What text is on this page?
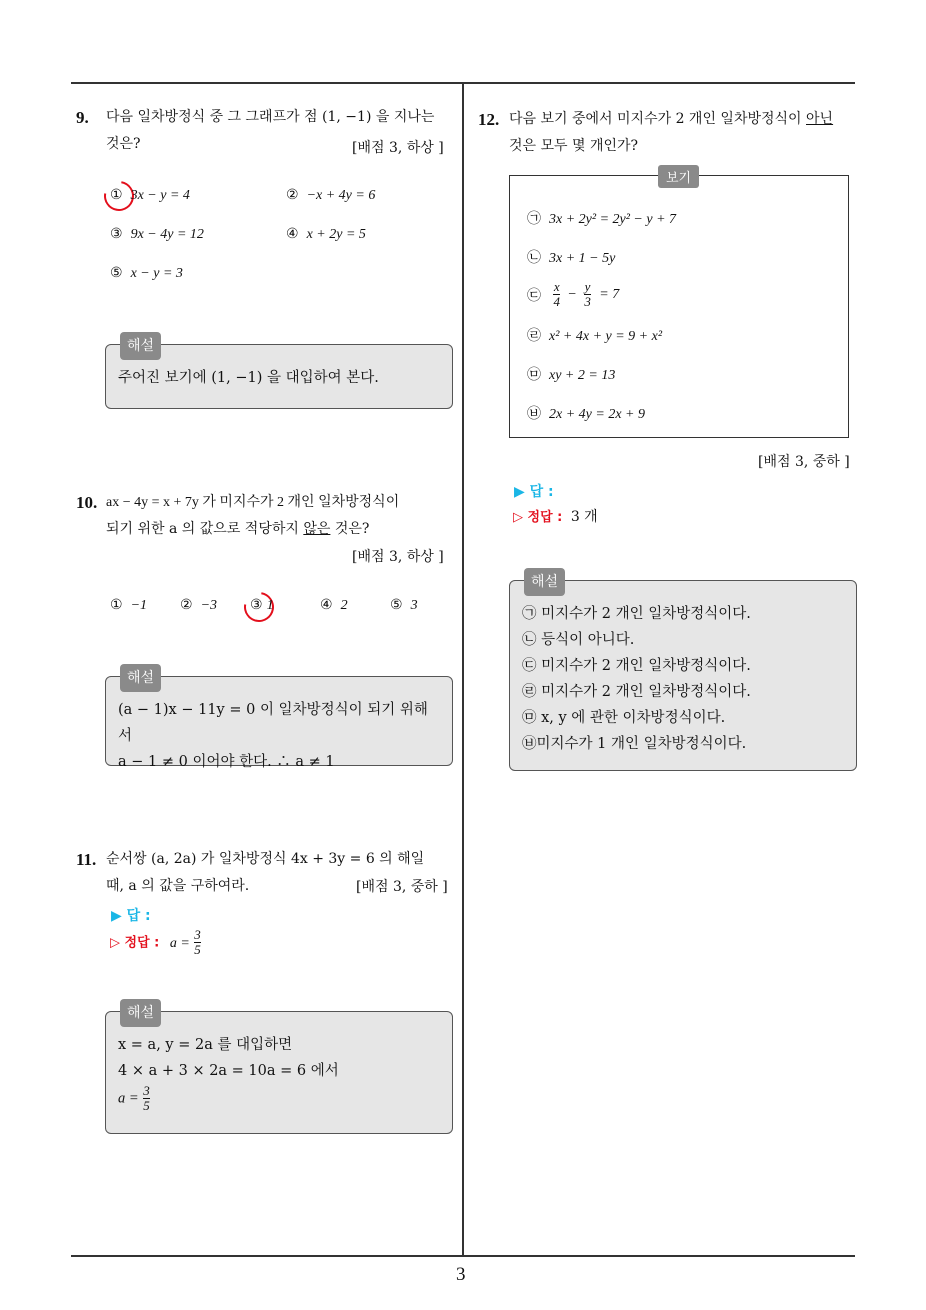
3
9. 다음 일차방정식 중 그 그래프가 점 (1, −1) 을 지나는
것은?	[배점 3, 하상 ]
① 3x − y = 4	② −x + 4y = 6
③ 9x − 4y = 12	④ x + 2y = 5
⑤ x − y = 3
해설
주어진 보기에 (1, −1) 을 대입하여 본다.
10. ax − 4y = x + 7y 가 미지수가 2 개인 일차방정식이
되기 위한 a 의 값으로 적당하지 않은 것은?
[배점 3, 하상 ]
① −1 ② −3 ③ 1	④ 2	⑤ 3
해설
(a − 1)x − 11y = 0 이 일차방정식이 되기 위해서
a − 1 ≠ 0 이어야 한다. ∴ a ≠ 1
11. 순서쌍 (a, 2a) 가 일차방정식 4x + 3y = 6 의 해일
때, a 의 값을 구하여라.	[배점 3, 중하 ]
▶ 답 :
▷ 정답 : $a = \frac{3}{5}$
해설
x = a, y = 2a 를 대입하면
4 × a + 3 × 2a = 10a = 6 에서
$a = \frac{3}{5}$
12. 다음 보기 중에서 미지수가 2 개인 일차방정식이 아닌
것은 모두 몇 개인가?
보기
㉠ 3x + 2y² = 2y² − y + 7
㉡ 3x + 1 − 5y
㉢ $\frac{x}{4} - \frac{y}{3} = 7$
㉣ x² + 4x + y = 9 + x²
㉤ xy + 2 = 13
㉥ 2x + 4y = 2x + 9
[배점 3, 중하 ]
▶ 답 :
▷ 정답 : 3 개
해설
㉠ 미지수가 2 개인 일차방정식이다.
㉡ 등식이 아니다.
㉢ 미지수가 2 개인 일차방정식이다.
㉣ 미지수가 2 개인 일차방정식이다.
㉤ x, y 에 관한 이차방정식이다.
㉥미지수가 1 개인 일차방정식이다.
